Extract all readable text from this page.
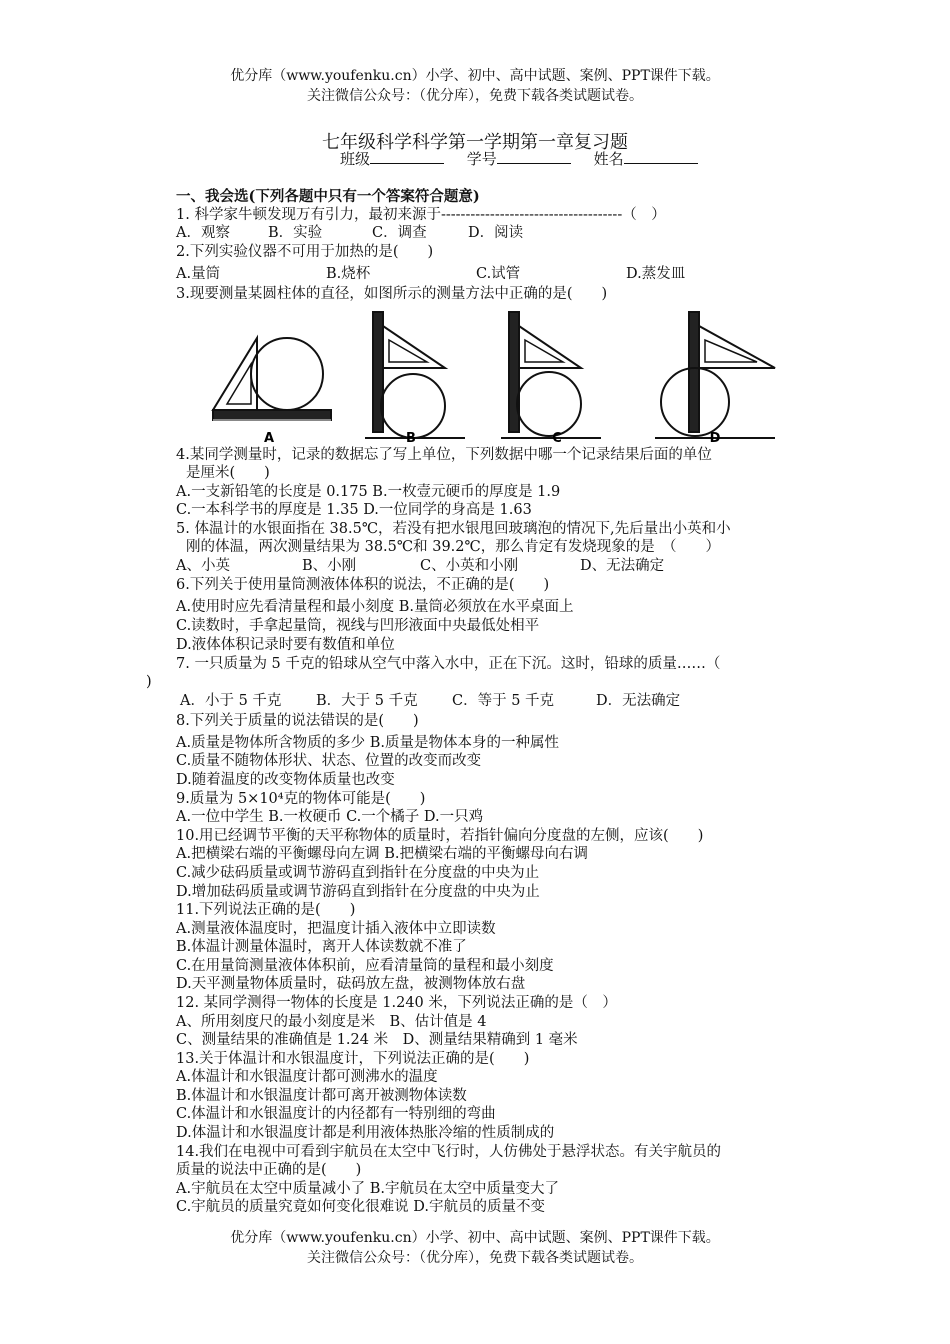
优分库（www.youfenku.cn）小学、初中、高中试题、案例、PPT课件下载。
关注微信公众号：（优分库），免费下载各类试题试卷。
七年级科学科学第一学期第一章复习题
班级	学号	姓名
一、我会选(下列各题中只有一个答案符合题意)
1. 科学家牛顿发现万有引力，最初来源于-------------------------------------（　）
A．观察	B．实验	C．调查	D．阅读
2.下列实验仪器不可用于加热的是(　　)
A.量筒	B.烧杯	C.试管	D.蒸发皿
3.现要测量某圆柱体的直径，如图所示的测量方法中正确的是(　　)
A	B	C	D
4.某同学测量时，记录的数据忘了写上单位，下列数据中哪一个记录结果后面的单位
是厘米(　　)
A.一支新铅笔的长度是 0.175 B.一枚壹元硬币的厚度是 1.9
C.一本科学书的厚度是 1.35 D.一位同学的身高是 1.63
5. 体温计的水银面指在 38.5℃，若没有把水银甩回玻璃泡的情况下,先后量出小英和小
刚的体温，两次测量结果为 38.5℃和 39.2℃，那么肯定有发烧现象的是　（　　）
A、小英	B、小刚	C、小英和小刚	D、无法确定
6.下列关于使用量筒测液体体积的说法，不正确的是(　　)
A.使用时应先看清量程和最小刻度 B.量筒必须放在水平桌面上
C.读数时，手拿起量筒，视线与凹形液面中央最低处相平
D.液体体积记录时要有数值和单位
7. 一只质量为 5 千克的铅球从空气中落入水中，正在下沉。这时，铅球的质量……（
)
A．小于 5 千克 B．大于 5 千克 C．等于 5 千克	D．无法确定
8.下列关于质量的说法错误的是(　　)
A.质量是物体所含物质的多少 B.质量是物体本身的一种属性
C.质量不随物体形状、状态、位置的改变而改变
D.随着温度的改变物体质量也改变
9.质量为 5×10⁴克的物体可能是(　　)
A.一位中学生 B.一枚硬币 C.一个橘子 D.一只鸡
10.用已经调节平衡的天平称物体的质量时，若指针偏向分度盘的左侧，应该(　　)
A.把横梁右端的平衡螺母向左调 B.把横梁右端的平衡螺母向右调
C.减少砝码质量或调节游码直到指针在分度盘的中央为止
D.增加砝码质量或调节游码直到指针在分度盘的中央为止
11.下列说法正确的是(　　)
A.测量液体温度时，把温度计插入液体中立即读数
B.体温计测量体温时，离开人体读数就不准了
C.在用量筒测量液体体积前，应看清量筒的量程和最小刻度
D.天平测量物体质量时，砝码放左盘，被测物体放右盘
12. 某同学测得一物体的长度是 1.240 米，下列说法正确的是（　）
A、所用刻度尺的最小刻度是米　B、估计值是 4
C、测量结果的准确值是 1.24 米　D、测量结果精确到 1 毫米
13.关于体温计和水银温度计，下列说法正确的是(　　)
A.体温计和水银温度计都可测沸水的温度
B.体温计和水银温度计都可离开被测物体读数
C.体温计和水银温度计的内径都有一特别细的弯曲
D.体温计和水银温度计都是利用液体热胀冷缩的性质制成的
14.我们在电视中可看到宇航员在太空中飞行时，人仿佛处于悬浮状态。有关宇航员的
质量的说法中正确的是(　　)
A.宇航员在太空中质量减小了 B.宇航员在太空中质量变大了
C.宇航员的质量究竟如何变化很难说 D.宇航员的质量不变
优分库（www.youfenku.cn）小学、初中、高中试题、案例、PPT课件下载。
关注微信公众号：（优分库），免费下载各类试题试卷。
